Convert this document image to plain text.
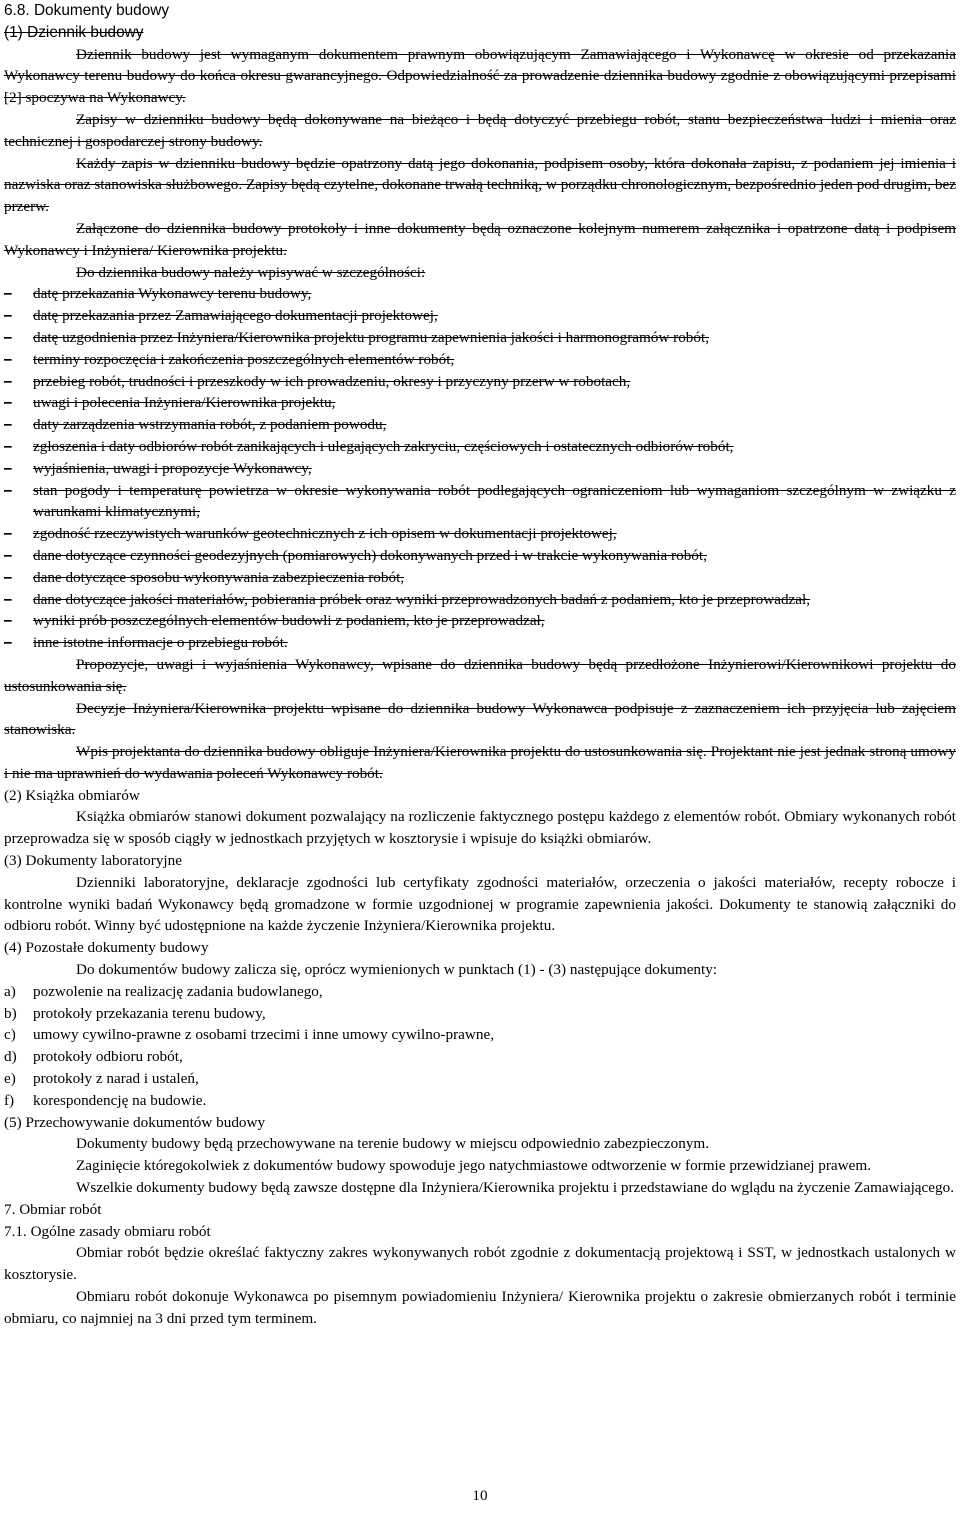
6.8. Dokumenty budowy

(1) Dziennik budowy

Dziennik budowy jest wymaganym dokumentem prawnym obowiązującym Zamawiającego i Wykonawcę w okresie od przekazania Wykonawcy terenu budowy do końca okresu gwarancyjnego. Odpowiedzialność za prowadzenie dziennika budowy zgodnie z obowiązującymi przepisami [2] spoczywa na Wykonawcy.

Zapisy w dzienniku budowy będą dokonywane na bieżąco i będą dotyczyć przebiegu robót, stanu bezpieczeństwa ludzi i mienia oraz technicznej i gospodarczej strony budowy.

Każdy zapis w dzienniku budowy będzie opatrzony datą jego dokonania, podpisem osoby, która dokonała zapisu, z podaniem jej imienia i nazwiska oraz stanowiska służbowego. Zapisy będą czytelne, dokonane trwałą techniką, w porządku chronologicznym, bezpośrednio jeden pod drugim, bez przerw.

Załączone do dziennika budowy protokoły i inne dokumenty będą oznaczone kolejnym numerem załącznika i opatrzone datą i podpisem Wykonawcy i Inżyniera/ Kierownika projektu.

Do dziennika budowy należy wpisywać w szczególności:

–	datę przekazania Wykonawcy terenu budowy,
–	datę przekazania przez Zamawiającego dokumentacji projektowej,
–	datę uzgodnienia przez Inżyniera/Kierownika projektu programu zapewnienia jakości i harmonogramów robót,
–	terminy rozpoczęcia i zakończenia poszczególnych elementów robót,
–	przebieg robót, trudności i przeszkody w ich prowadzeniu, okresy i przyczyny przerw w robotach,
–	uwagi i polecenia Inżyniera/Kierownika projektu,
–	daty zarządzenia wstrzymania robót, z podaniem powodu,
–	zgłoszenia i daty odbiorów robót zanikających i ulegających zakryciu, częściowych i ostatecznych odbiorów robót,
–	wyjaśnienia, uwagi i propozycje Wykonawcy,
–	stan pogody i temperaturę powietrza w okresie wykonywania robót podlegających ograniczeniom lub wymaganiom szczególnym w związku z warunkami klimatycznymi,
–	zgodność rzeczywistych warunków geotechnicznych z ich opisem w dokumentacji projektowej,
–	dane dotyczące czynności geodezyjnych (pomiarowych) dokonywanych przed i w trakcie wykonywania robót,
–	dane dotyczące sposobu wykonywania zabezpieczenia robót,
–	dane dotyczące jakości materiałów, pobierania próbek oraz wyniki przeprowadzonych badań z podaniem, kto je przeprowadzał,
–	wyniki prób poszczególnych elementów budowli z podaniem, kto je przeprowadzał,
–	inne istotne informacje o przebiegu robót.

Propozycje, uwagi i wyjaśnienia Wykonawcy, wpisane do dziennika budowy będą przedłożone Inżynierowi/Kierownikowi projektu do ustosunkowania się.

Decyzje Inżyniera/Kierownika projektu wpisane do dziennika budowy Wykonawca podpisuje z zaznaczeniem ich przyjęcia lub zajęciem stanowiska.

Wpis projektanta do dziennika budowy obliguje Inżyniera/Kierownika projektu do ustosunkowania się. Projektant nie jest jednak stroną umowy i nie ma uprawnień do wydawania poleceń Wykonawcy robót.

(2) Książka obmiarów

Książka obmiarów stanowi dokument pozwalający na rozliczenie faktycznego postępu każdego z elementów robót. Obmiary wykonanych robót przeprowadza się w sposób ciągły w jednostkach przyjętych w kosztorysie i wpisuje do książki obmiarów.

(3) Dokumenty laboratoryjne

Dzienniki laboratoryjne, deklaracje zgodności lub certyfikaty zgodności materiałów, orzeczenia o jakości materiałów, recepty robocze i kontrolne wyniki badań Wykonawcy będą gromadzone w formie uzgodnionej w programie zapewnienia jakości. Dokumenty te stanowią załączniki do odbioru robót. Winny być udostępnione na każde życzenie Inżyniera/Kierownika projektu.

(4) Pozostałe dokumenty budowy

Do dokumentów budowy zalicza się, oprócz wymienionych w punktach (1) - (3) następujące dokumenty:

a)	pozwolenie na realizację zadania budowlanego,
b)	protokoły przekazania terenu budowy,
c)	umowy cywilno-prawne z osobami trzecimi i inne umowy cywilno-prawne,
d)	protokoły odbioru robót,
e)	protokoły z narad i ustaleń,
f)	korespondencję na budowie.

(5) Przechowywanie dokumentów budowy

Dokumenty budowy będą przechowywane na terenie budowy w miejscu odpowiednio zabezpieczonym.

Zaginięcie któregokolwiek z dokumentów budowy spowoduje jego natychmiastowe odtworzenie w formie przewidzianej prawem.

Wszelkie dokumenty budowy będą zawsze dostępne dla Inżyniera/Kierownika projektu i przedstawiane do wglądu na życzenie Zamawiającego.

7. Obmiar robót

7.1. Ogólne zasady obmiaru robót

Obmiar robót będzie określać faktyczny zakres wykonywanych robót zgodnie z dokumentacją projektową i SST, w jednostkach ustalonych w kosztorysie.

Obmiaru robót dokonuje Wykonawca po pisemnym powiadomieniu Inżyniera/ Kierownika projektu o zakresie obmierzanych robót i terminie obmiaru, co najmniej na 3 dni przed tym terminem.

10
